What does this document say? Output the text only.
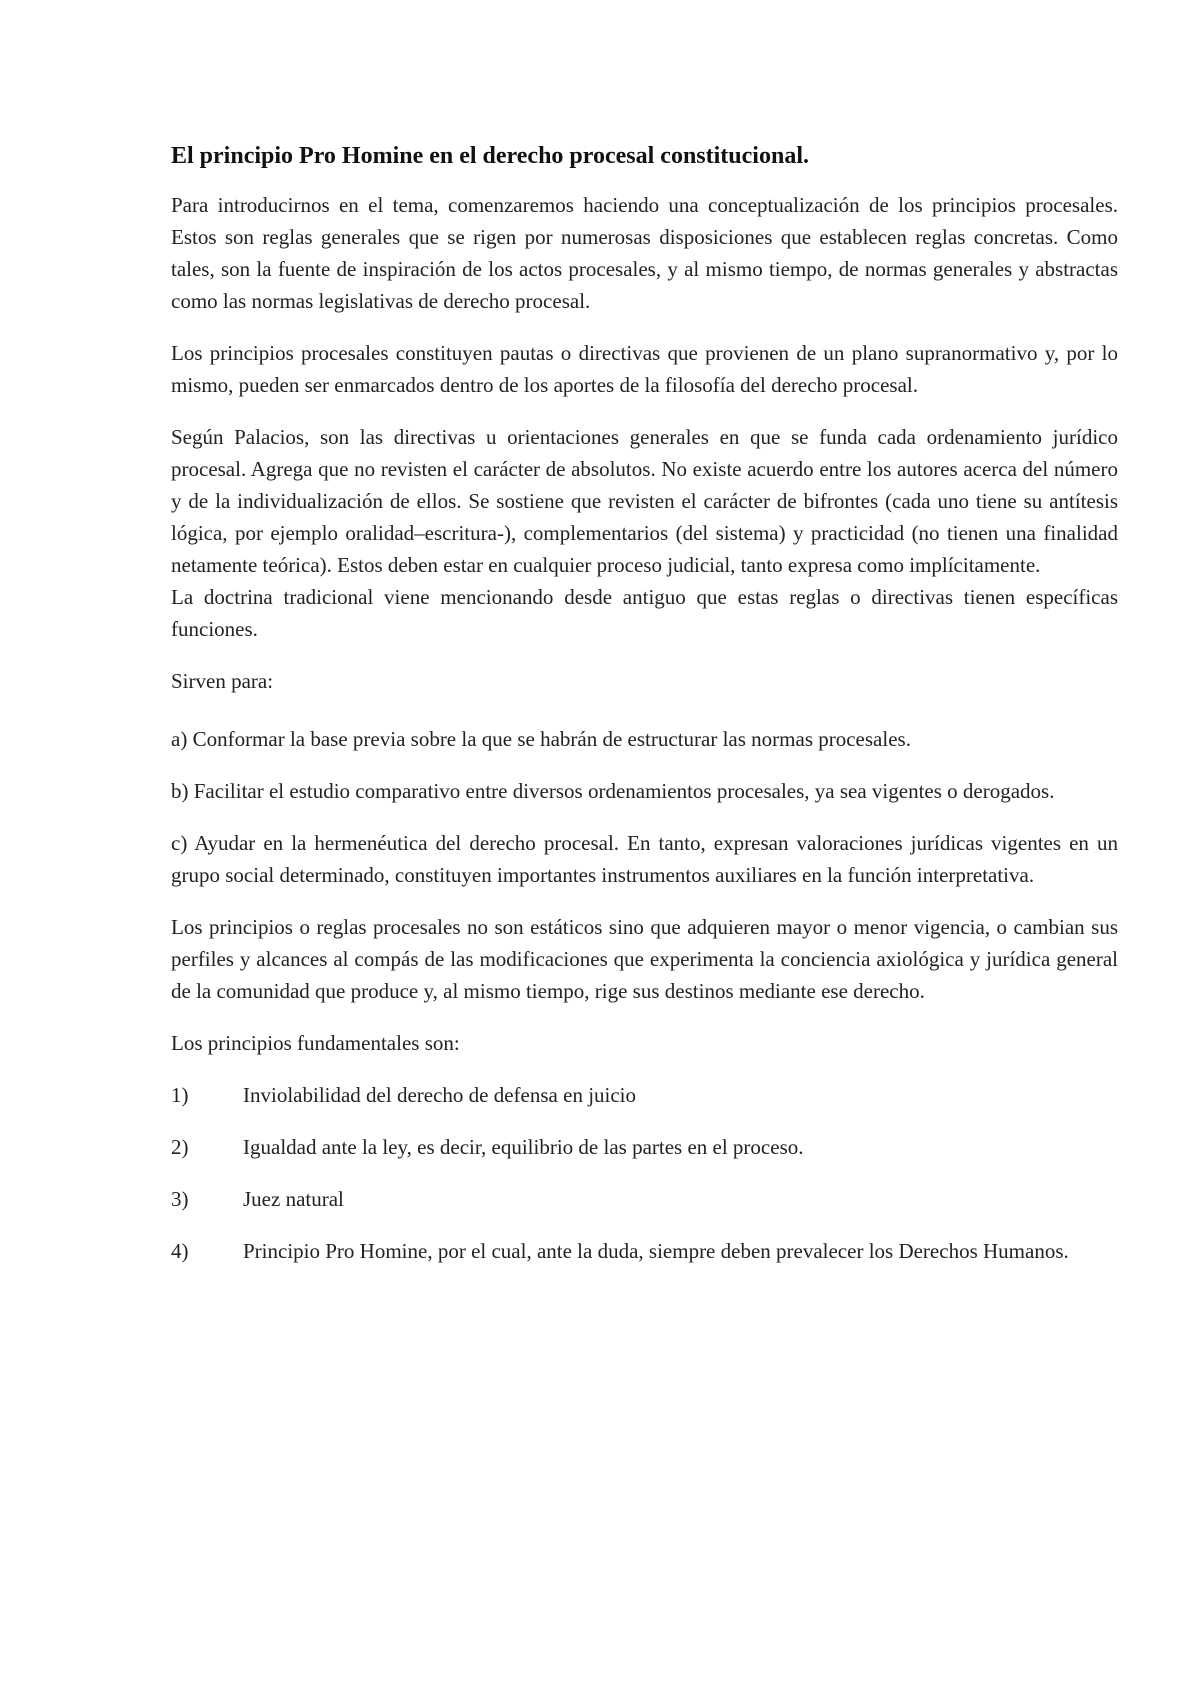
El principio Pro Homine en el derecho procesal constitucional.

Para introducirnos en el tema, comenzaremos haciendo una conceptualización de los principios procesales. Estos son reglas generales que se rigen por numerosas disposiciones que establecen reglas concretas. Como tales, son la fuente de inspiración de los actos procesales, y al mismo tiempo, de normas generales y abstractas como las normas legislativas de derecho procesal.

Los principios procesales constituyen pautas o directivas que provienen de un plano supranormativo y, por lo mismo, pueden ser enmarcados dentro de los aportes de la filosofía del derecho procesal.

Según Palacios, son las directivas u orientaciones generales en que se funda cada ordenamiento jurídico procesal. Agrega que no revisten el carácter de absolutos. No existe acuerdo entre los autores acerca del número y de la individualización de ellos. Se sostiene que revisten el carácter de bifrontes (cada uno tiene su antítesis lógica, por ejemplo oralidad–escritura-), complementarios (del sistema) y practicidad (no tienen una finalidad netamente teórica). Estos deben estar en cualquier proceso judicial, tanto expresa como implícitamente.

La doctrina tradicional viene mencionando desde antiguo que estas reglas o directivas tienen específicas funciones.

Sirven para:

a) Conformar la base previa sobre la que se habrán de estructurar las normas procesales.

b) Facilitar el estudio comparativo entre diversos ordenamientos procesales, ya sea vigentes o derogados.

c) Ayudar en la hermenéutica del derecho procesal. En tanto, expresan valoraciones jurídicas vigentes en un grupo social determinado, constituyen importantes instrumentos auxiliares en la función interpretativa.

Los principios o reglas procesales no son estáticos sino que adquieren mayor o menor vigencia, o cambian sus perfiles y alcances al compás de las modificaciones que experimenta la conciencia axiológica y jurídica general de la comunidad que produce y, al mismo tiempo, rige sus destinos mediante ese derecho.

Los principios fundamentales son:

1)	Inviolabilidad del derecho de defensa en juicio
2)	Igualdad ante la ley, es decir, equilibrio de las partes en el proceso.
3)	Juez natural

4)	Principio Pro Homine, por el cual, ante la duda, siempre deben prevalecer los Derechos Humanos.
